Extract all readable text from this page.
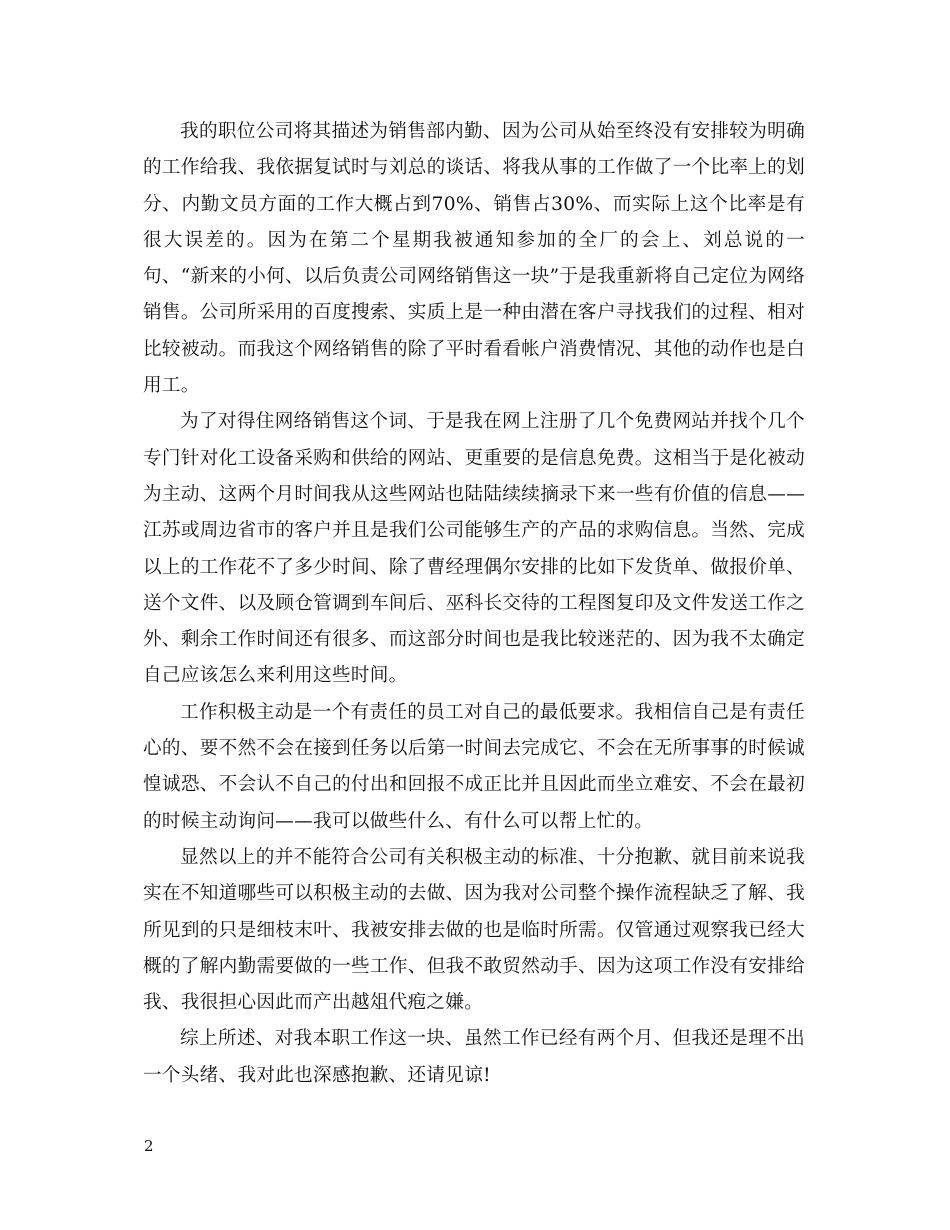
我的职位公司将其描述为销售部内勤、因为公司从始至终没有安排较为明确的工作给我、我依据复试时与刘总的谈话、将我从事的工作做了一个比率上的划分、内勤文员方面的工作大概占到70%、销售占30%、而实际上这个比率是有很大误差的。因为在第二个星期我被通知参加的全厂的会上、刘总说的一句、“新来的小何、以后负责公司网络销售这一块”于是我重新将自己定位为网络销售。公司所采用的百度搜索、实质上是一种由潜在客户寻找我们的过程、相对比较被动。而我这个网络销售的除了平时看看帐户消费情况、其他的动作也是白用工。

为了对得住网络销售这个词、于是我在网上注册了几个免费网站并找个几个专门针对化工设备采购和供给的网站、更重要的是信息免费。这相当于是化被动为主动、这两个月时间我从这些网站也陆陆续续摘录下来一些有价值的信息——江苏或周边省市的客户并且是我们公司能够生产的产品的求购信息。当然、完成以上的工作花不了多少时间、除了曹经理偶尔安排的比如下发货单、做报价单、送个文件、以及顾仓管调到车间后、巫科长交待的工程图复印及文件发送工作之外、剩余工作时间还有很多、而这部分时间也是我比较迷茫的、因为我不太确定自己应该怎么来利用这些时间。

工作积极主动是一个有责任的员工对自己的最低要求。我相信自己是有责任心的、要不然不会在接到任务以后第一时间去完成它、不会在无所事事的时候诚惶诚恐、不会认不自己的付出和回报不成正比并且因此而坐立难安、不会在最初的时候主动询问——我可以做些什么、有什么可以帮上忙的。

显然以上的并不能符合公司有关积极主动的标准、十分抱歉、就目前来说我实在不知道哪些可以积极主动的去做、因为我对公司整个操作流程缺乏了解、我所见到的只是细枝末叶、我被安排去做的也是临时所需。仅管通过观察我已经大概的了解内勤需要做的一些工作、但我不敢贸然动手、因为这项工作没有安排给我、我很担心因此而产出越俎代疱之嫌。

综上所述、对我本职工作这一块、虽然工作已经有两个月、但我还是理不出一个头绪、我对此也深感抱歉、还请见谅!

2
